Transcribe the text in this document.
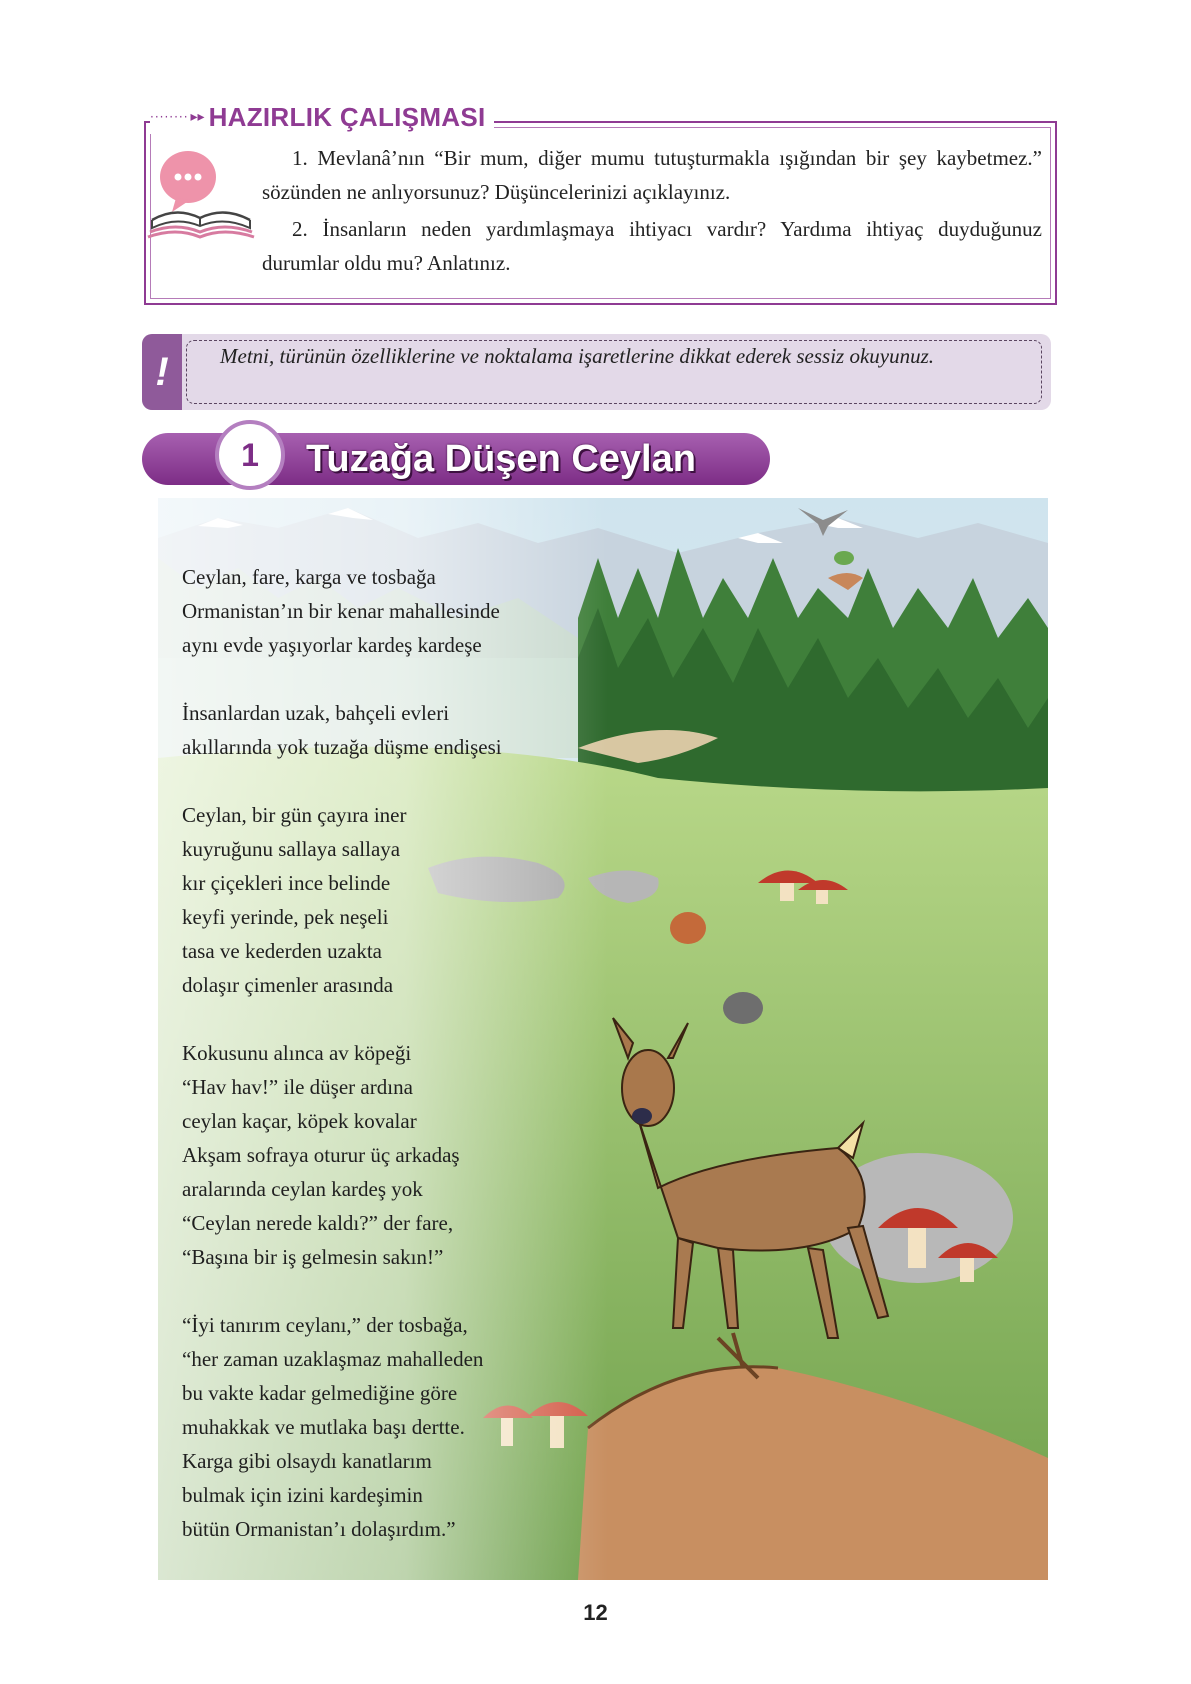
········ ▸▸ HAZIRLIK ÇALIŞMASI
1. Mevlanâ’nın “Bir mum, diğer mumu tutuşturmakla ışığından bir şey kaybetmez.” sözünden ne anlıyorsunuz? Düşüncelerinizi açıklayınız.
2. İnsanların neden yardımlaşmaya ihtiyacı vardır? Yardıma ihtiyaç duyduğunuz durumlar oldu mu? Anlatınız.
!	Metni, türünün özelliklerine ve noktalama işaretlerine dikkat ederek sessiz okuyunuz.
1	Tuzağa Düşen Ceylan
Ceylan, fare, karga ve tosbağa
Ormanistan’ın bir kenar mahallesinde
aynı evde yaşıyorlar kardeş kardeşe
İnsanlardan uzak, bahçeli evleri
akıllarında yok tuzağa düşme endişesi
Ceylan, bir gün çayıra iner
kuyruğunu sallaya sallaya
kır çiçekleri ince belinde
keyfi yerinde, pek neşeli
tasa ve kederden uzakta
dolaşır çimenler arasında
Kokusunu alınca av köpeği
“Hav hav!” ile düşer ardına
ceylan kaçar, köpek kovalar
Akşam sofraya oturur üç arkadaş
aralarında ceylan kardeş yok
“Ceylan nerede kaldı?” der fare,
“Başına bir iş gelmesin sakın!”
“İyi tanırım ceylanı,” der tosbağa,
“her zaman uzaklaşmaz mahalleden
bu vakte kadar gelmediğine göre
muhakkak ve mutlaka başı dertte.
Karga gibi olsaydı kanatlarım
bulmak için izini kardeşimin
bütün Ormanistan’ı dolaşırdım.”
12
